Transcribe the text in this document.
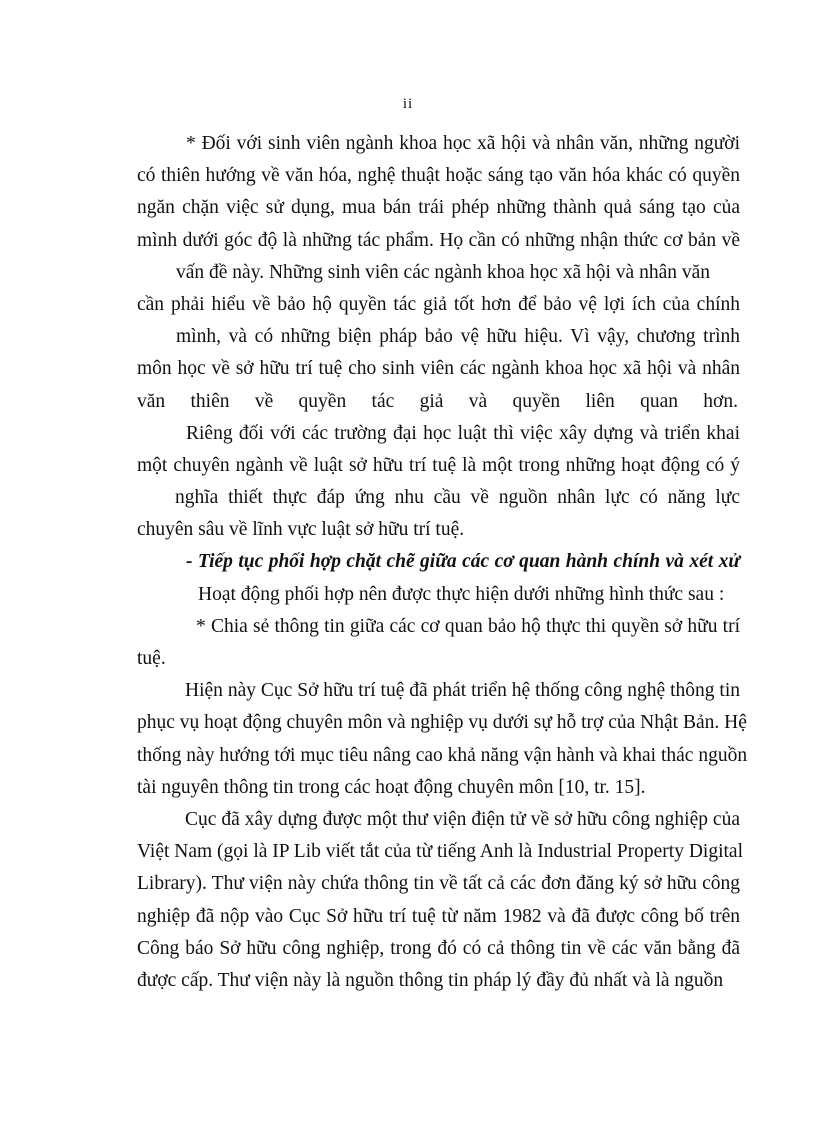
ii
* Đối với sinh viên ngành khoa học xã hội và nhân văn, những người
có thiên hướng về văn hóa, nghệ thuật hoặc sáng tạo văn hóa khác có quyền
ngăn chặn việc sử dụng, mua bán trái phép những thành quả sáng tạo của
mình dưới góc độ là những tác phẩm. Họ cần có những nhận thức cơ bản về
vấn đề này. Những sinh viên các ngành khoa học xã hội và nhân văn
cần phải hiểu về bảo hộ quyền tác giả tốt hơn để bảo vệ lợi ích của chính
mình, và có những biện pháp bảo vệ hữu hiệu. Vì vậy, chương trình
môn học về sở hữu trí tuệ cho sinh viên các ngành khoa học xã hội và nhân
văn thiên về quyền tác giả và quyền liên quan hơn.
Riêng đối với các trường đại học luật thì việc xây dựng và triển khai
một chuyên ngành về luật sở hữu trí tuệ là một trong những hoạt động có ý
nghĩa thiết thực đáp ứng nhu cầu về nguồn nhân lực có năng lực
chuyên sâu về lĩnh vực luật sở hữu trí tuệ.
- Tiếp tục phối hợp chặt chẽ giữa các cơ quan hành chính và xét xử
Hoạt động phối hợp nên được thực hiện dưới những hình thức sau :
* Chia sẻ thông tin giữa các cơ quan bảo hộ thực thi quyền sở hữu trí
tuệ.
Hiện này Cục Sở hữu trí tuệ đã phát triển hệ thống công nghệ thông tin
phục vụ hoạt động chuyên môn và nghiệp vụ dưới sự hỗ trợ của Nhật Bản. Hệ
thống này hướng tới mục tiêu nâng cao khả năng vận hành và khai thác nguồn
tài nguyên thông tin trong các hoạt động chuyên môn [10, tr. 15].
Cục đã xây dựng được một thư viện điện tử về sở hữu công nghiệp của
Việt Nam (gọi là IP Lib viết tắt của từ tiếng Anh là Industrial Property Digital
Library). Thư viện này chứa thông tin về tất cả các đơn đăng ký sở hữu công
nghiệp đã nộp vào Cục Sở hữu trí tuệ từ năm 1982 và đã được công bố trên
Công báo Sở hữu công nghiệp, trong đó có cả thông tin về các văn bằng đã
được cấp. Thư viện này là nguồn thông tin pháp lý đầy đủ nhất và là nguồn
